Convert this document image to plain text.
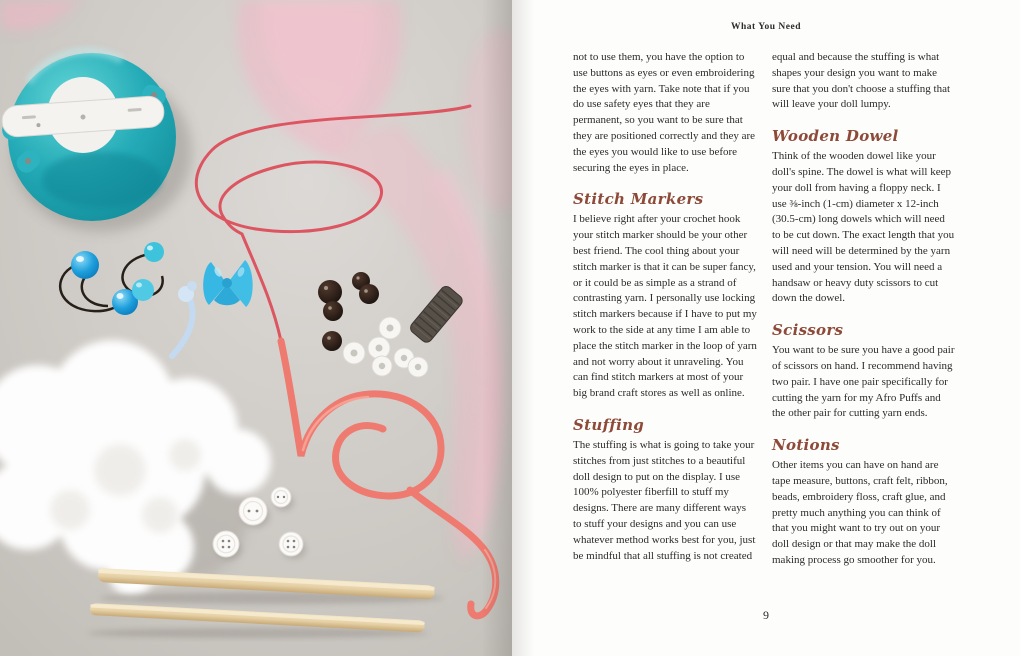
What You Need

not to use them, you have the option to use buttons as eyes or even embroidering the eyes with yarn. Take note that if you do use safety eyes that they are permanent, so you want to be sure that they are positioned correctly and they are the eyes you would like to use before securing the eyes in place.

Stitch Markers

I believe right after your crochet hook your stitch marker should be your other best friend. The cool thing about your stitch marker is that it can be super fancy, or it could be as simple as a strand of contrasting yarn. I personally use locking stitch markers because if I have to put my work to the side at any time I am able to place the stitch marker in the loop of yarn and not worry about it unraveling. You can find stitch markers at most of your big brand craft stores as well as online.

Stuffing

The stuffing is what is going to take your stitches from just stitches to a beautiful doll design to put on the display. I use 100% polyester fiberfill to stuff my designs. There are many different ways to stuff your designs and you can use whatever method works best for you, just be mindful that all stuffing is not created

equal and because the stuffing is what shapes your design you want to make sure that you don't choose a stuffing that will leave your doll lumpy.

Wooden Dowel

Think of the wooden dowel like your doll's spine. The dowel is what will keep your doll from having a floppy neck. I use ⅜-inch (1-cm) diameter x 12-inch (30.5-cm) long dowels which will need to be cut down. The exact length that you will need will be determined by the yarn used and your tension. You will need a handsaw or heavy duty scissors to cut down the dowel.

Scissors

You want to be sure you have a good pair of scissors on hand. I recommend having two pair. I have one pair specifically for cutting the yarn for my Afro Puffs and the other pair for cutting yarn ends.

Notions

Other items you can have on hand are tape measure, buttons, craft felt, ribbon, beads, embroidery floss, craft glue, and pretty much anything you can think of that you might want to try out on your doll design or that may make the doll making process go smoother for you.

9
